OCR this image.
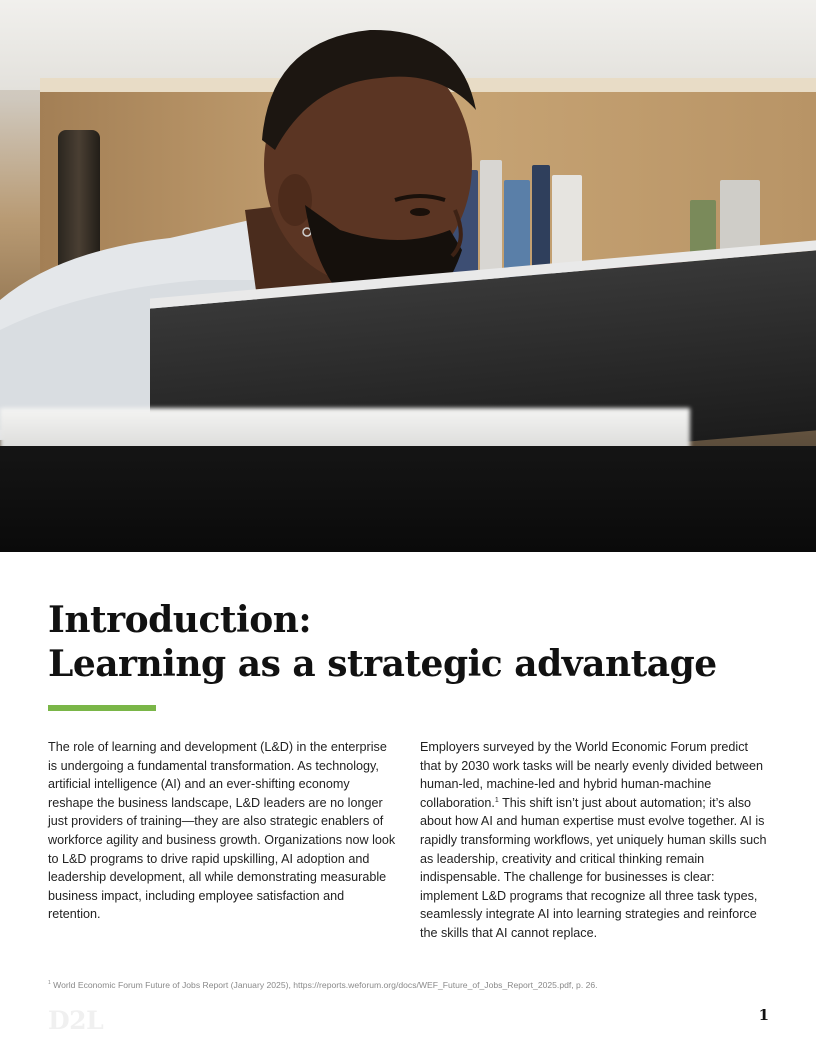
Introduction:
Learning as a strategic advantage

The role of learning and development (L&D) in the enterprise is undergoing a fundamental transformation. As technology, artificial intelligence (AI) and an ever-shifting economy reshape the business landscape, L&D leaders are no longer just providers of training—they are also strategic enablers of workforce agility and business growth. Organizations now look to L&D programs to drive rapid upskilling, AI adoption and leadership development, all while demonstrating measurable business impact, including employee satisfaction and retention.

Employers surveyed by the World Economic Forum predict that by 2030 work tasks will be nearly evenly divided between human-led, machine-led and hybrid human-machine collaboration.$^1$ This shift isn’t just about automation; it’s also about how AI and human expertise must evolve together. AI is rapidly transforming workflows, yet uniquely human skills such as leadership, creativity and critical thinking remain indispensable. The challenge for businesses is clear: implement L&D programs that recognize all three task types, seamlessly integrate AI into learning strategies and reinforce the skills that AI cannot replace.

$^1$ World Economic Forum Future of Jobs Report (January 2025), https://reports.weforum.org/docs/WEF_Future_of_Jobs_Report_2025.pdf, p. 26.
D2L	1
